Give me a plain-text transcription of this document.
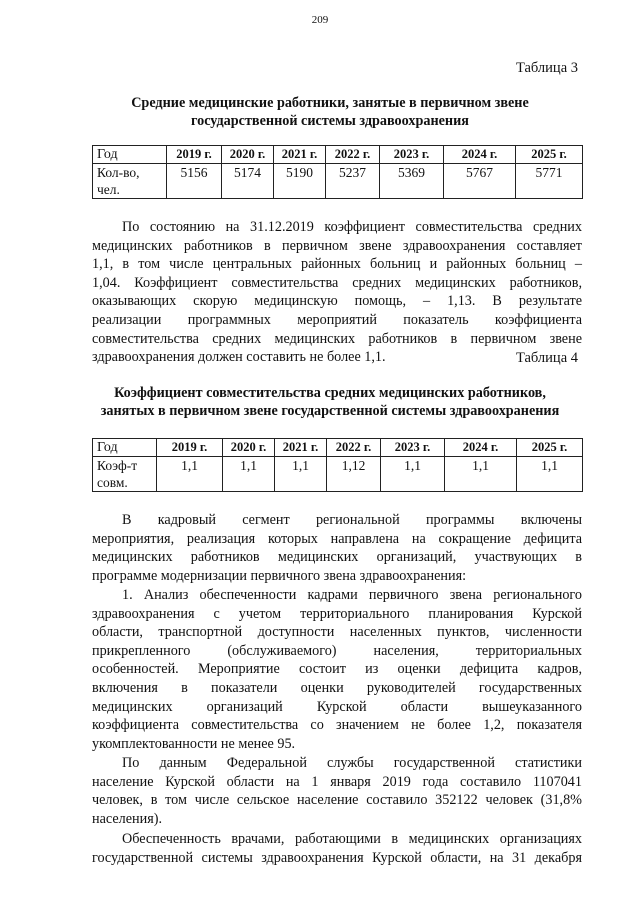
209
Таблица 3
Средние медицинские работники, занятые в первичном звене
государственной системы здравоохранения
Год	2019 г.	2020 г.	2021 г.	2022 г.	2023 г.	2024 г.	2025 г.

Кол-во,
чел.	5156	5174	5190	5237	5369	5767	5771
По состоянию на 31.12.2019 коэффициент совместительства средних
медицинских работников в первичном звене здравоохранения составляет
1,1, в том числе центральных районных больниц и районных больниц –
1,04. Коэффициент совместительства средних медицинских работников,
оказывающих скорую медицинскую помощь, – 1,13. В результате
реализации программных мероприятий показатель коэффициента
совместительства средних медицинских работников в первичном звене
здравоохранения должен составить не более 1,1.	Таблица 4
Коэффициент совместительства средних медицинских работников,
занятых в первичном звене государственной системы здравоохранения
Год	2019 г.	2020 г.	2021 г.	2022 г.	2023 г.	2024 г.	2025 г.

Коэф-т
совм.	1,1	1,1	1,1	1,12	1,1	1,1	1,1
В кадровый сегмент региональной программы включены
мероприятия, реализация которых направлена на сокращение дефицита
медицинских работников медицинских организаций, участвующих в
программе модернизации первичного звена здравоохранения:
1. Анализ обеспеченности кадрами первичного звена регионального
здравоохранения с учетом территориального планирования Курской
области, транспортной доступности населенных пунктов, численности
прикрепленного (обслуживаемого) населения, территориальных
особенностей. Мероприятие состоит из оценки дефицита кадров,
включения в показатели оценки руководителей государственных
медицинских организаций Курской области вышеуказанного
коэффициента совместительства со значением не более 1,2, показателя
укомплектованности не менее 95.
По данным Федеральной службы государственной статистики
население Курской области на 1 января 2019 года составило 1107041
человек, в том числе сельское население составило 352122 человек (31,8%
населения).
Обеспеченность врачами, работающими в медицинских организациях
государственной системы здравоохранения Курской области, на 31 декабря
